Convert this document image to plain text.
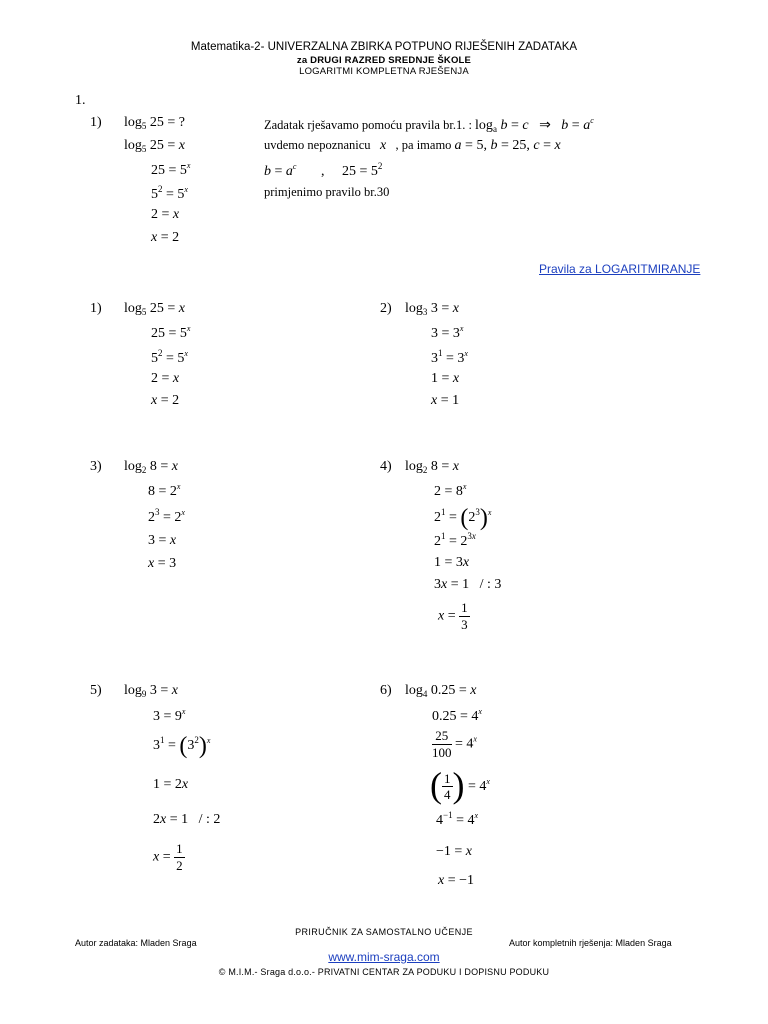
Matematika-2- UNIVERZALNA ZBIRKA POTPUNO RIJEŠENIH ZADATAKA
za DRUGI RAZRED SREDNJE ŠKOLE
LOGARITMI KOMPLETNA RJEŠENJA
1.
1) $\log_5 25$ = ?
$\log_5 25 = x$
$25 = 5^x$
$5^2 = 5^x$
2 = x
x = 2
Zadatak rješavamo pomoću pravila br.1. : $\log_a b = c$   ⇒   $b = a^c$
uvdemo nepoznanicu x , pa imamo a = 5, b = 25, c = x
$b = a^c$       ,     $25 = 5^2$
primjenimo pravilo br.30
Pravila za LOGARITMIRANJE
1) $\log_5 25 = x$
$25 = 5^x$
$5^2 = 5^x$
2 = x
x = 2
2) $\log_3 3 = x$
$3 = 3^x$
$3^1 = 3^x$
1 = x
x = 1
3) $\log_2 8 = x$
$8 = 2^x$
$2^3 = 2^x$
3 = x
x = 3
4) $\log_2 8 = x$
$2 = 8^x$
$2^1 = (2^3)^x$
$2^1 = 2^{3x}$
1 = 3x
3x = 1   / : 3
$x = \frac{1}{3}$
5) $\log_9 3 = x$
$3 = 9^x$
$3^1 = (3^2)^x$
1 = 2x
2x = 1   / : 2
$x = \frac{1}{2}$
6) $\log_4 0.25 = x$
$0.25 = 4^x$
$\frac{25}{100} = 4^x$
( $\frac{1}{4}$ ) = $4^x$
$4^{-1} = 4^x$
−1 = x
x = −1
PRIRUČNIK ZA SAMOSTALNO UČENJE
Autor zadataka: Mladen Sraga	Autor kompletnih rješenja: Mladen Sraga
www.mim-sraga.com
© M.I.M.- Sraga d.o.o.- PRIVATNI CENTAR ZA PODUKU I DOPISNU PODUKU
